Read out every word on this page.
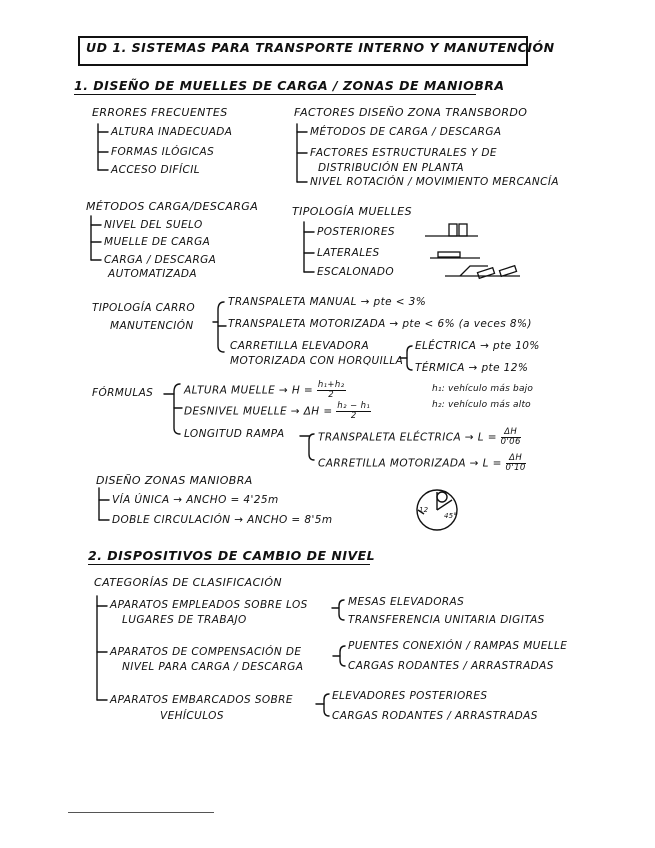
UD 1. SISTEMAS PARA TRANSPORTE INTERNO Y MANUTENCIÓN
1. DISEÑO DE MUELLES DE CARGA / ZONAS DE MANIOBRA
ERRORES FRECUENTES
ALTURA INADECUADA
FORMAS ILÓGICAS
ACCESO DIFÍCIL
FACTORES DISEÑO ZONA TRANSBORDO
MÉTODOS DE CARGA / DESCARGA
FACTORES ESTRUCTURALES Y DE
DISTRIBUCIÓN EN PLANTA
NIVEL ROTACIÓN / MOVIMIENTO MERCANCÍA
MÉTODOS CARGA/DESCARGA
NIVEL DEL SUELO
MUELLE DE CARGA
CARGA / DESCARGA
AUTOMATIZADA
TIPOLOGÍA MUELLES
POSTERIORES
LATERALES
ESCALONADO
TIPOLOGÍA CARRO
MANUTENCIÓN
TRANSPALETA MANUAL → pte < 3%
TRANSPALETA MOTORIZADA → pte < 6% (a veces 8%)
CARRETILLA ELEVADORA
MOTORIZADA CON HORQUILLA
ELÉCTRICA → pte 10%
TÉRMICA → pte 12%
FÓRMULAS	ALTURA MUELLE → $H = \frac{\text{h₁+h₂}}{2}$
DESNIVEL MUELLE → $\Delta H = \frac{\text{h₂ − h₁}}{2}$
LONGITUD RAMPA	TRANSPALETA ELÉCTRICA → $L = \frac{\Delta H}{0'06}$
CARRETILLA MOTORIZADA → $L = \frac{\Delta H}{0'10}$
h₁: vehículo más bajo
h₂: vehículo más alto
DISEÑO ZONAS MANIOBRA
VÍA ÚNICA → ANCHO = 4'25m
DOBLE CIRCULACIÓN → ANCHO = 8'5m
12
45°
2. DISPOSITIVOS DE CAMBIO DE NIVEL
CATEGORÍAS DE CLASIFICACIÓN
APARATOS EMPLEADOS SOBRE LOS
LUGARES DE TRABAJO
MESAS ELEVADORAS
TRANSFERENCIA UNITARIA DIGITAS
APARATOS DE COMPENSACIÓN DE
NIVEL PARA CARGA / DESCARGA
PUENTES CONEXIÓN / RAMPAS MUELLE
CARGAS RODANTES / ARRASTRADAS
APARATOS EMBARCADOS SOBRE
VEHÍCULOS
ELEVADORES POSTERIORES
CARGAS RODANTES / ARRASTRADAS
